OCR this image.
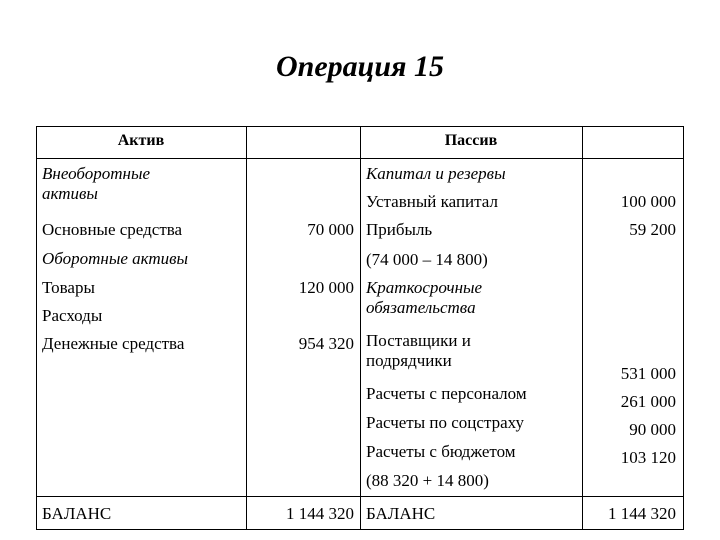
Операция 15
Актив	Пассив
Внеоборотные
активы
Основные средства
Оборотные активы
Товары
Расходы
Денежные средства
БАЛАНС
70 000
120 000
954 320
1 144 320
Капитал и резервы
Уставный капитал
Прибыль
(74 000 – 14 800)
Краткосрочные
обязательства
Поставщики и
подрядчики
Расчеты с персоналом
Расчеты по соцстраху
Расчеты с бюджетом
(88 320 + 14 800)
БАЛАНС
100 000
59 200
531 000
261 000
90 000
103 120
1 144 320
